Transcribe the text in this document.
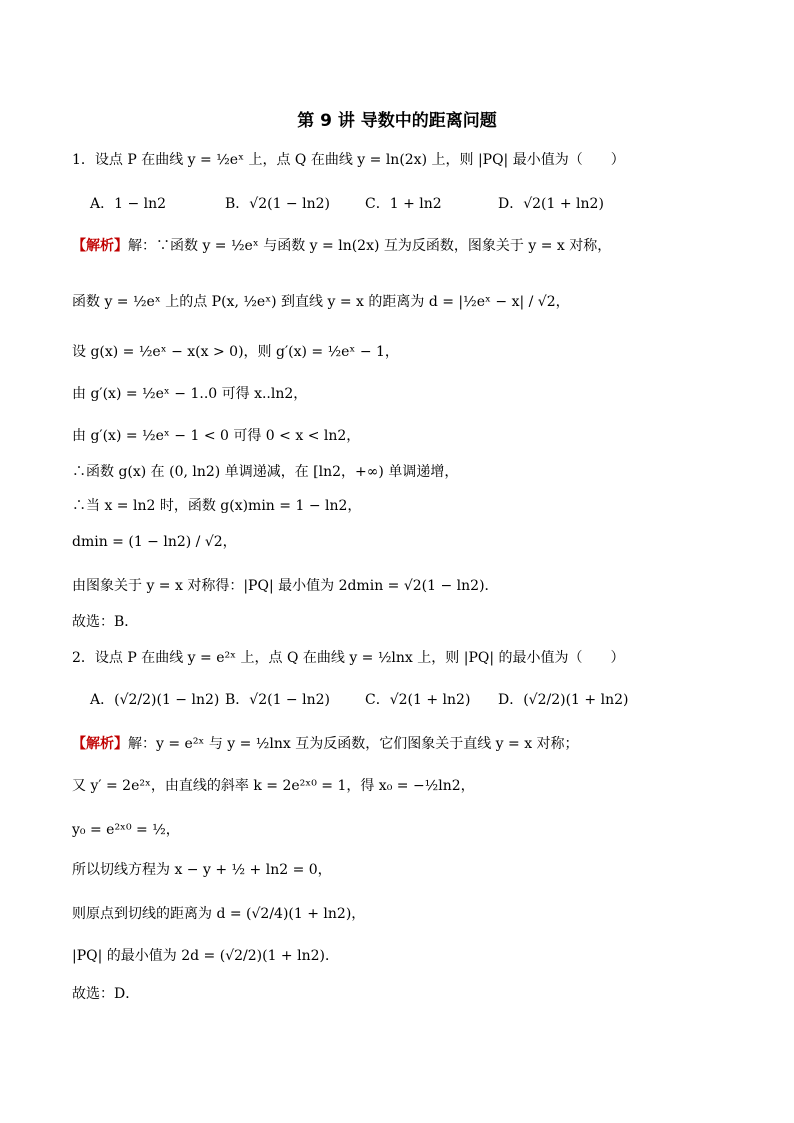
第 9 讲 导数中的距离问题
1．设点 P 在曲线 y = ½eˣ 上，点 Q 在曲线 y = ln(2x) 上，则 |PQ| 最小值为（　　）
A．1 − ln2	B．√2(1 − ln2)	C．1 + ln2	D．√2(1 + ln2)
【解析】解：∵函数 y = ½eˣ 与函数 y = ln(2x) 互为反函数，图象关于 y = x 对称，
函数 y = ½eˣ 上的点 P(x, ½eˣ) 到直线 y = x 的距离为 d = |½eˣ − x| / √2，
设 g(x) = ½eˣ − x(x > 0)，则 g′(x) = ½eˣ − 1，
由 g′(x) = ½eˣ − 1..0 可得 x..ln2，
由 g′(x) = ½eˣ − 1 < 0 可得 0 < x < ln2，
∴函数 g(x) 在 (0, ln2) 单调递减，在 [ln2，+∞) 单调递增，
∴当 x = ln2 时，函数 g(x)min = 1 − ln2，
dmin = (1 − ln2) / √2，
由图象关于 y = x 对称得：|PQ| 最小值为 2dmin = √2(1 − ln2)．
故选：B．
2．设点 P 在曲线 y = e²ˣ 上，点 Q 在曲线 y = ½lnx 上，则 |PQ| 的最小值为（　　）
A．(√2/2)(1 − ln2) B．√2(1 − ln2)	C．√2(1 + ln2) D．(√2/2)(1 + ln2)
【解析】解：y = e²ˣ 与 y = ½lnx 互为反函数，它们图象关于直线 y = x 对称；
又 y′ = 2e²ˣ，由直线的斜率 k = 2e²ˣ⁰ = 1，得 x₀ = −½ln2，
y₀ = e²ˣ⁰ = ½，
所以切线方程为 x − y + ½ + ln2 = 0，
则原点到切线的距离为 d = (√2/4)(1 + ln2)，
|PQ| 的最小值为 2d = (√2/2)(1 + ln2)．
故选：D．
